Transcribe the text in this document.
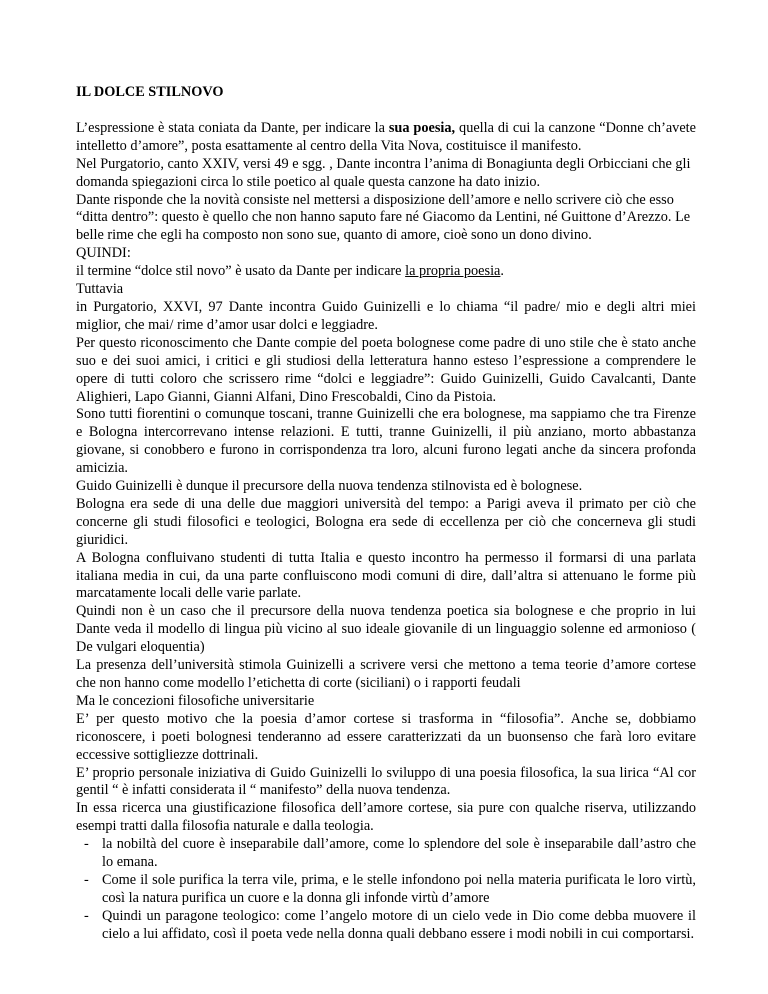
IL DOLCE STILNOVO

L’espressione è stata coniata da Dante, per indicare la sua poesia, quella di cui la canzone “Donne ch’avete intelletto d’amore”, posta esattamente al centro della Vita Nova, costituisce il manifesto.

Nel Purgatorio, canto XXIV, versi 49 e sgg. , Dante incontra l’anima di Bonagiunta degli Orbicciani che gli domanda spiegazioni circa lo stile poetico al quale questa canzone ha dato inizio.

Dante risponde che la novità consiste nel mettersi a disposizione dell’amore e nello scrivere ciò che esso “ditta dentro”: questo è quello che non hanno saputo fare né Giacomo da Lentini, né Guittone d’Arezzo. Le belle rime che egli ha composto non sono sue, quanto di amore, cioè sono un dono divino.

QUINDI:

il termine “dolce stil novo” è usato da Dante per indicare la propria poesia.

Tuttavia

in Purgatorio, XXVI, 97 Dante incontra Guido Guinizelli e lo chiama “il padre/ mio e degli altri miei miglior, che mai/ rime d’amor usar dolci e leggiadre.

Per questo riconoscimento che Dante compie del poeta bolognese come padre di uno stile che è stato anche suo e dei suoi amici, i critici e gli studiosi della letteratura hanno esteso l’espressione a comprendere le opere di tutti coloro che scrissero rime “dolci e leggiadre”: Guido Guinizelli, Guido Cavalcanti, Dante Alighieri, Lapo Gianni, Gianni Alfani, Dino Frescobaldi, Cino da Pistoia.

Sono tutti fiorentini o comunque toscani, tranne Guinizelli che era bolognese, ma sappiamo che tra Firenze e Bologna intercorrevano intense relazioni. E tutti, tranne Guinizelli, il più anziano, morto abbastanza giovane, si conobbero e furono in corrispondenza tra loro, alcuni furono legati anche da sincera profonda amicizia.

Guido Guinizelli è dunque il precursore della nuova tendenza stilnovista ed è bolognese.

Bologna era sede di una delle due maggiori università del tempo: a Parigi aveva il primato per ciò che concerne gli studi filosofici e teologici, Bologna era sede di eccellenza per ciò che concerneva gli studi giuridici.

A Bologna confluivano studenti di tutta Italia e questo incontro ha permesso il formarsi di una parlata italiana media in cui, da una parte confluiscono modi comuni di dire, dall’altra si attenuano le forme più marcatamente locali delle varie parlate.

Quindi non è un caso che il precursore della nuova tendenza poetica sia bolognese e che proprio in lui Dante veda il modello di lingua più vicino al suo ideale giovanile di un linguaggio solenne ed armonioso ( De vulgari eloquentia)

La presenza dell’università stimola Guinizelli a scrivere versi che mettono a tema teorie d’amore cortese che non hanno come modello l’etichetta di corte (siciliani) o i rapporti feudali

Ma le concezioni filosofiche universitarie

E’ per questo motivo che la poesia d’amor cortese si trasforma in “filosofia”. Anche se, dobbiamo riconoscere, i poeti bolognesi tenderanno ad essere caratterizzati da un buonsenso che farà loro evitare eccessive sottigliezze dottrinali.

E’ proprio personale iniziativa di Guido Guinizelli lo sviluppo di una poesia filosofica, la sua lirica “Al cor gentil “ è infatti considerata il “ manifesto” della nuova tendenza.

In essa ricerca una giustificazione filosofica dell’amore cortese, sia pure con qualche riserva, utilizzando esempi tratti dalla filosofia naturale e dalla teologia.

- la nobiltà del cuore è inseparabile dall’amore, come lo splendore del sole è inseparabile dall’astro che lo emana.
- Come il sole purifica la terra vile, prima, e le stelle infondono poi nella materia purificata le loro virtù, così la natura purifica un cuore e la donna gli infonde virtù d’amore
- Quindi un paragone teologico: come l’angelo motore di un cielo vede in Dio come debba muovere il cielo a lui affidato, così il poeta vede nella donna quali debbano essere i modi nobili in cui comportarsi.
